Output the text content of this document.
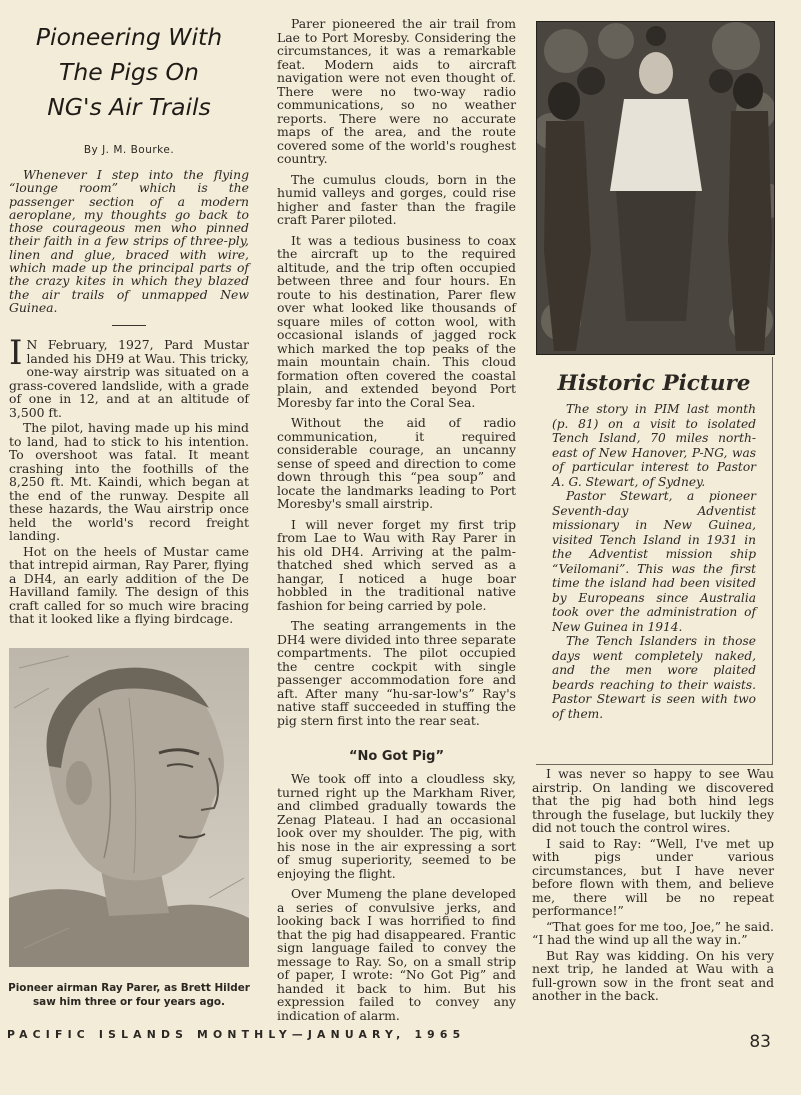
Pioneering With
The Pigs On
NG's Air Trails
By J. M. Bourke.

Whenever I step into the flying “lounge room” which is the passenger section of a modern aeroplane, my thoughts go back to those courageous men who pinned their faith in a few strips of three-ply, linen and glue, braced with wire, which made up the principal parts of the crazy kites in which they blazed the air trails of unmapped New Guinea.

I N February, 1927, Pard Mustar landed his DH9 at Wau. This tricky, one-way airstrip was situated on a grass-covered landslide, with a grade of one in 12, and at an altitude of 3,500 ft.

The pilot, having made up his mind to land, had to stick to his intention. To overshoot was fatal. It meant crashing into the foothills of the 8,250 ft. Mt. Kaindi, which began at the end of the runway. Despite all these hazards, the Wau airstrip once held the world's record freight landing.

Hot on the heels of Mustar came that intrepid airman, Ray Parer, flying a DH4, an early addition of the De Havilland family. The design of this craft called for so much wire bracing that it looked like a flying birdcage.

Pioneer airman Ray Parer, as Brett Hilder saw him three or four years ago.

Parer pioneered the air trail from Lae to Port Moresby. Considering the circumstances, it was a remarkable feat. Modern aids to aircraft navigation were not even thought of. There were no two-way radio communications, so no weather reports. There were no accurate maps of the area, and the route covered some of the world's roughest country.

The cumulus clouds, born in the humid valleys and gorges, could rise higher and faster than the fragile craft Parer piloted.

It was a tedious business to coax the aircraft up to the required altitude, and the trip often occupied between three and four hours. En route to his destination, Parer flew over what looked like thousands of square miles of cotton wool, with occasional islands of jagged rock which marked the top peaks of the main mountain chain. This cloud formation often covered the coastal plain, and extended beyond Port Moresby far into the Coral Sea.

Without the aid of radio communication, it required considerable courage, an uncanny sense of speed and direction to come down through this “pea soup” and locate the landmarks leading to Port Moresby's small airstrip.

I will never forget my first trip from Lae to Wau with Ray Parer in his old DH4. Arriving at the palm-thatched shed which served as a hangar, I noticed a huge boar hobbled in the traditional native fashion for being carried by pole.

The seating arrangements in the DH4 were divided into three separate compartments. The pilot occupied the centre cockpit with single passenger accommodation fore and aft. After many “hu-sar-low's” Ray's native staff succeeded in stuffing the pig stern first into the rear seat.

“No Got Pig”

We took off into a cloudless sky, turned right up the Markham River, and climbed gradually towards the Zenag Plateau. I had an occasional look over my shoulder. The pig, with his nose in the air expressing a sort of smug superiority, seemed to be enjoying the flight.

Over Mumeng the plane developed a series of convulsive jerks, and looking back I was horrified to find that the pig had disappeared. Frantic sign language failed to convey the message to Ray. So, on a small strip of paper, I wrote: “No Got Pig” and handed it back to him. But his expression failed to convey any indication of alarm.

Historic Picture

The story in PIM last month (p. 81) on a visit to isolated Tench Island, 70 miles north-east of New Hanover, P-NG, was of particular interest to Pastor A. G. Stewart, of Sydney.

Pastor Stewart, a pioneer Seventh-day Adventist missionary in New Guinea, visited Tench Island in 1931 in the Adventist mission ship “Veilomani”. This was the first time the island had been visited by Europeans since Australia took over the administration of New Guinea in 1914.

The Tench Islanders in those days went completely naked, and the men wore plaited beards reaching to their waists. Pastor Stewart is seen with two of them.

I was never so happy to see Wau airstrip. On landing we discovered that the pig had both hind legs through the fuselage, but luckily they did not touch the control wires.

I said to Ray: “Well, I've met up with pigs under various circumstances, but I have never before flown with them, and believe me, there will be no repeat performance!”

“That goes for me too, Joe,” he said. “I had the wind up all the way in.”

But Ray was kidding. On his very next trip, he landed at Wau with a full-grown sow in the front seat and another in the back.

PACIFIC ISLANDS MONTHLY—JANUARY, 1965	83
